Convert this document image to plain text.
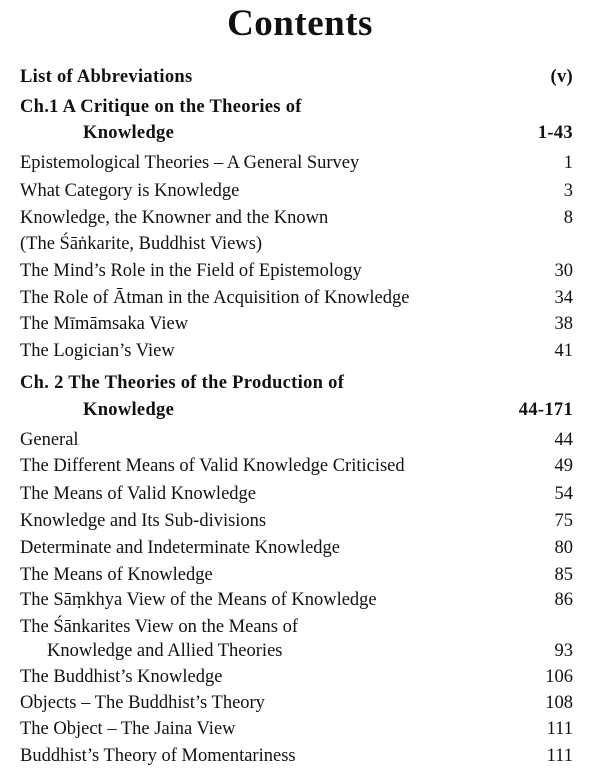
Contents
List of Abbreviations	(v)
Ch.1 A Critique on the Theories of
Knowledge	1-43
Epistemological Theories – A General Survey	1
What Category is Knowledge	3
Knowledge, the Knowner and the Known	8
(The Śāṅkarite, Buddhist Views)
The Mind’s Role in the Field of Epistemology	30
The Role of Ātman in the Acquisition of Knowledge	34
The Mīmāmsaka View	38
The Logician’s View	41
Ch. 2 The Theories of the Production of
Knowledge	44-171
General	44
The Different Means of Valid Knowledge Criticised	49
The Means of Valid Knowledge	54
Knowledge and Its Sub-divisions	75
Determinate and Indeterminate Knowledge	80
The Means of Knowledge	85
The Sāṃkhya View of the Means of Knowledge	86
The Śānkarites View on the Means of
Knowledge and Allied Theories	93
The Buddhist’s Knowledge	106
Objects – The Buddhist’s Theory	108
The Object – The Jaina View	111
Buddhist’s Theory of Momentariness	111
